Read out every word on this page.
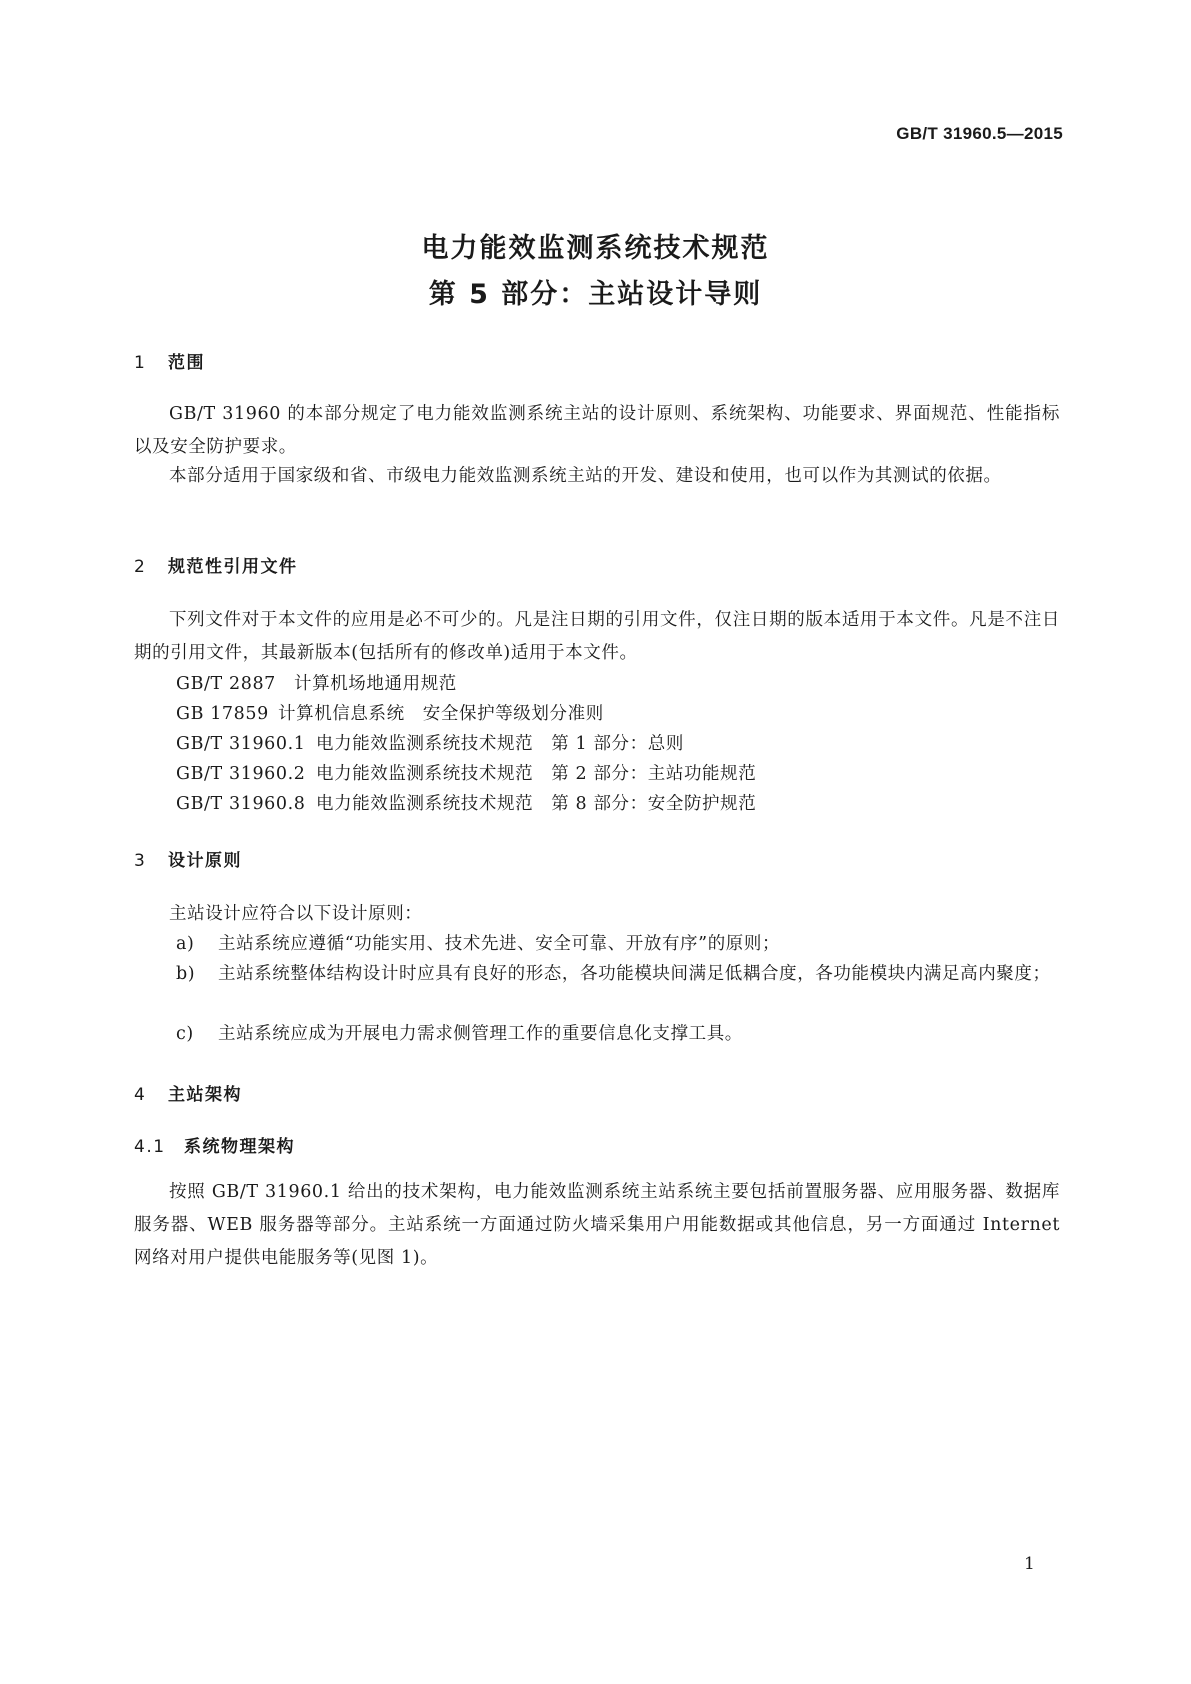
GB/T 31960.5—2015
电力能效监测系统技术规范
第 5 部分：主站设计导则
1 范围
GB/T 31960 的本部分规定了电力能效监测系统主站的设计原则、系统架构、功能要求、界面规范、性能指标以及安全防护要求。
本部分适用于国家级和省、市级电力能效监测系统主站的开发、建设和使用，也可以作为其测试的依据。
2 规范性引用文件
下列文件对于本文件的应用是必不可少的。凡是注日期的引用文件，仅注日期的版本适用于本文件。凡是不注日期的引用文件，其最新版本(包括所有的修改单)适用于本文件。
GB/T 2887 计算机场地通用规范
GB 17859 计算机信息系统　安全保护等级划分准则
GB/T 31960.1 电力能效监测系统技术规范　第 1 部分：总则
GB/T 31960.2 电力能效监测系统技术规范　第 2 部分：主站功能规范
GB/T 31960.8 电力能效监测系统技术规范　第 8 部分：安全防护规范
3 设计原则
主站设计应符合以下设计原则：
a)	主站系统应遵循“功能实用、技术先进、安全可靠、开放有序”的原则；
b)	主站系统整体结构设计时应具有良好的形态，各功能模块间满足低耦合度，各功能模块内满足高内聚度；
c)	主站系统应成为开展电力需求侧管理工作的重要信息化支撑工具。
4 主站架构
4.1 系统物理架构
按照 GB/T 31960.1 给出的技术架构，电力能效监测系统主站系统主要包括前置服务器、应用服务器、数据库服务器、WEB 服务器等部分。主站系统一方面通过防火墙采集用户用能数据或其他信息，另一方面通过 Internet 网络对用户提供电能服务等(见图 1)。
1
